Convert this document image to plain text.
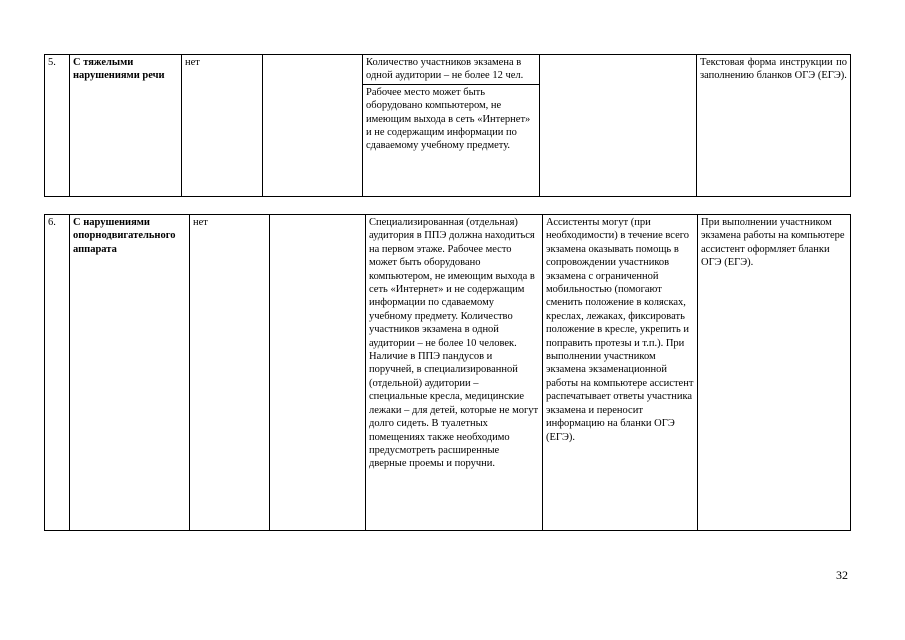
5.	С тяжелыми нарушениями речи	нет		Количество участников экзамена в одной аудитории – не более 12 чел.
Рабочее место может быть оборудовано компьютером, не имеющим выхода в сеть «Интернет» и не содержащим информации по сдаваемому учебному предмету.
		Текстовая форма инструкции по заполнению бланков ОГЭ (ЕГЭ).
6.	С нарушениями опорнодвигательного аппарата	нет		Специализированная (отдельная) аудитория в ППЭ должна находиться на первом этаже. Рабочее место может быть оборудовано компьютером, не имеющим выхода в сеть «Интернет» и не содержащим информации по сдаваемому учебному предмету. Количество участников экзамена в одной аудитории – не более 10 человек. Наличие в ППЭ пандусов и поручней, в специализированной (отдельной) аудитории – специальные кресла, медицинские лежаки – для детей, которые не могут долго сидеть. В туалетных помещениях также необходимо предусмотреть расширенные дверные проемы и поручни.	Ассистенты могут (при необходимости) в течение всего экзамена оказывать помощь в сопровождении участников экзамена с ограниченной мобильностью (помогают сменить положение в колясках, креслах, лежаках, фиксировать положение в кресле, укрепить и поправить протезы и т.п.). При выполнении участником экзамена экзаменационной работы на компьютере ассистент распечатывает ответы участника экзамена и переносит информацию на бланки ОГЭ (ЕГЭ).	При выполнении участником экзамена работы на компьютере ассистент оформляет бланки ОГЭ (ЕГЭ).
32
